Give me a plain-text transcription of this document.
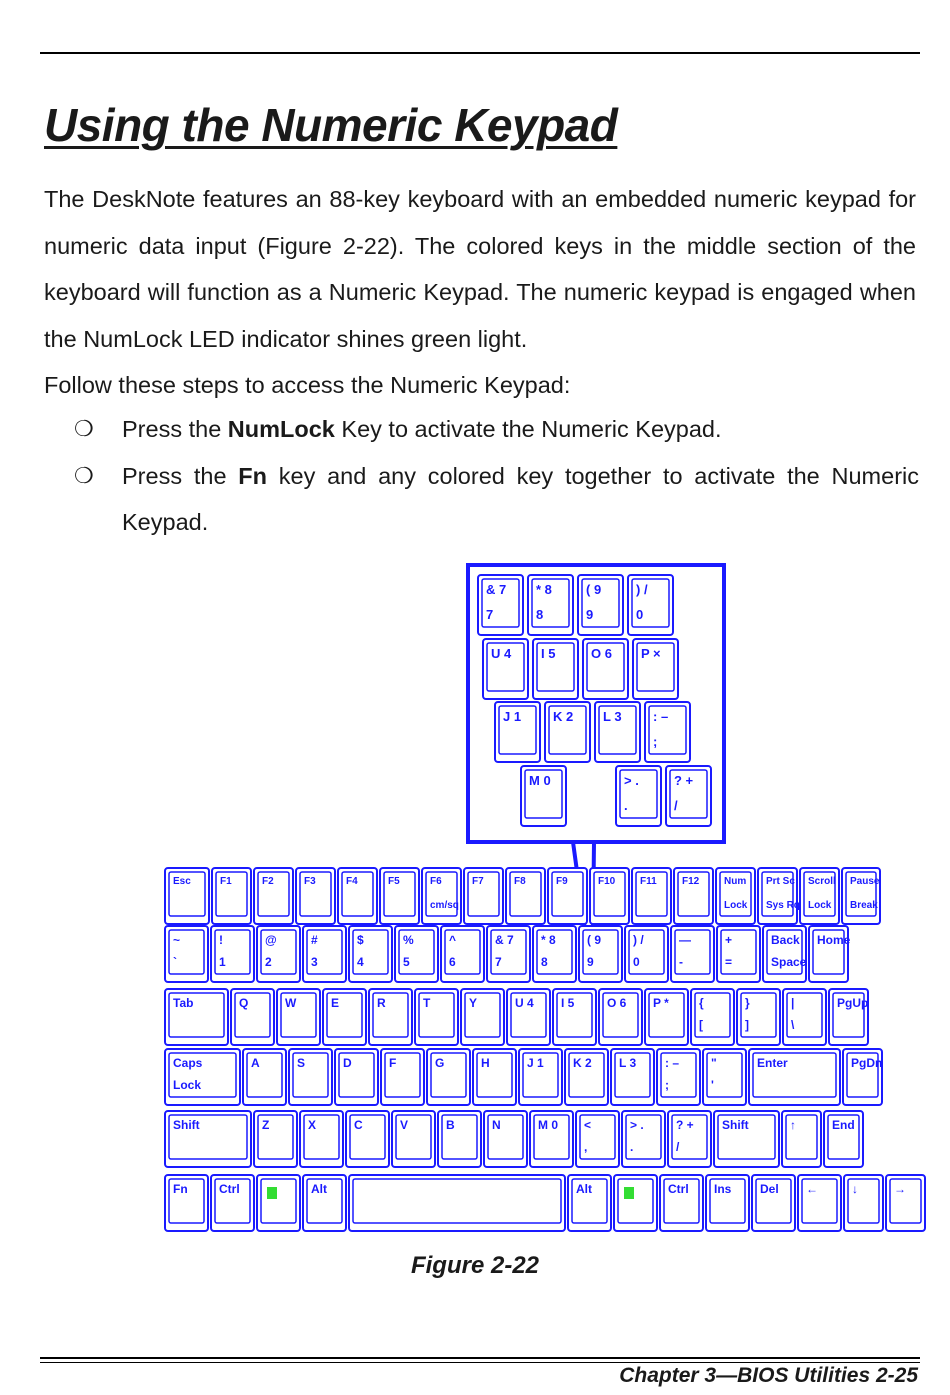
Using the Numeric Keypad

The DeskNote features an 88-key keyboard with an embedded numeric keypad for numeric data input (Figure 2-22). The colored keys in the middle section of the keyboard will function as a Numeric Keypad. The numeric keypad is engaged when the NumLock LED indicator shines green light.

Follow these steps to access the Numeric Keypad:

❍ Press the NumLock Key to activate the Numeric Keypad.
❍ Press the Fn key and any colored key together to activate the Numeric Keypad.
& 7
7
* 8
8
( 9
9
) /
0
U 4 I 5	O 6 P ×
J 1 K 2 L 3 : –
;
M 0	> .
.
? +
/
Esc	F1	F2	F3	F4	F5	F6
cm/sq
F7	F8	F9	F10 F11	F12 Num
Lock
Prt Sc
Sys Rq
Scroll
Lock
Pause
Break
~
`
!
1
@
2
#
3
$
4
%
5
^
6
& 7
7
* 8
8
( 9
9
) /
0
—
-
+
=
Back
Space
Home
Tab	Q	W	E	R	T	Y	U 4 I 5	O 6 P *	{
[
}
]
|
\
PgUp
Caps
Lock
A	S	D	F	G	H	J 1 K 2 L 3 : –
;
"
'
Enter	PgDn
Shift	Z	X	C	V	B	N	M 0 <
,
> .
.
? +
/
Shift	↑	End
Fn	Ctrl	Alt	Alt	Ctrl Ins Del ←	↓	→
Figure 2-22
Chapter 3—BIOS Utilities 2-25
